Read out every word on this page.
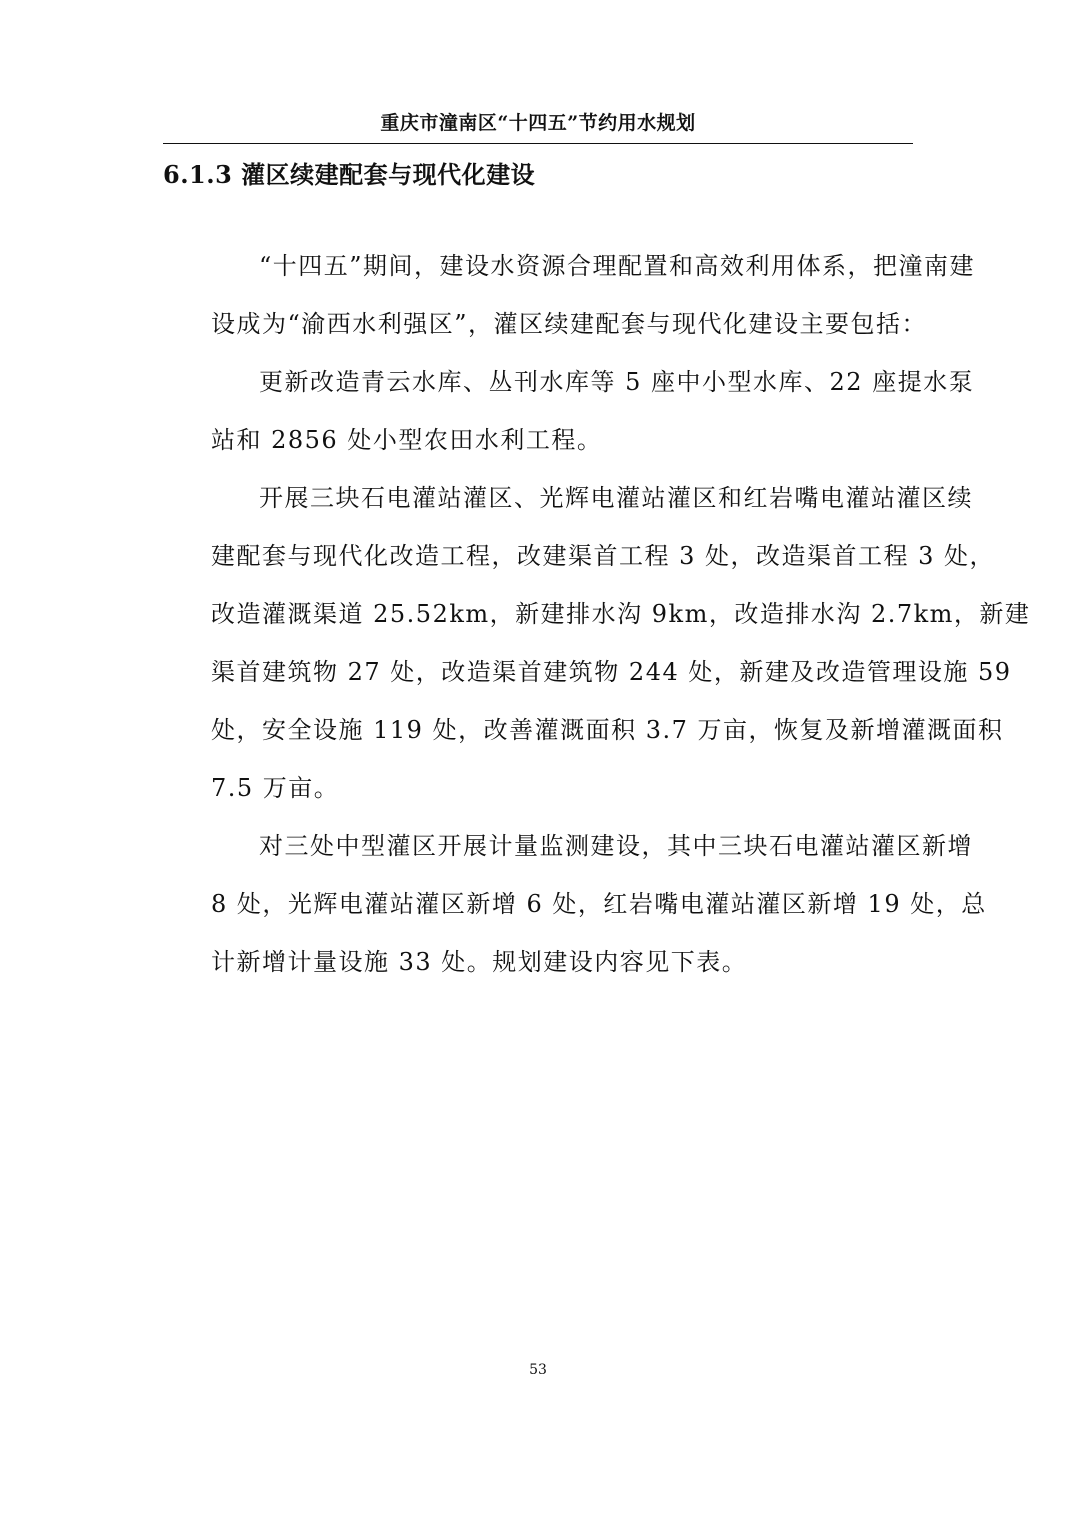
重庆市潼南区“十四五”节约用水规划
6.1.3 灌区续建配套与现代化建设
“十四五”期间，建设水资源合理配置和高效利用体系，把潼南建
设成为“渝西水利强区”，灌区续建配套与现代化建设主要包括：
更新改造青云水库、丛刊水库等 5 座中小型水库、22 座提水泵
站和 2856 处小型农田水利工程。
开展三块石电灌站灌区、光辉电灌站灌区和红岩嘴电灌站灌区续
建配套与现代化改造工程，改建渠首工程 3 处，改造渠首工程 3 处，
改造灌溉渠道 25.52km，新建排水沟 9km，改造排水沟 2.7km，新建
渠首建筑物 27 处，改造渠首建筑物 244 处，新建及改造管理设施 59
处，安全设施 119 处，改善灌溉面积 3.7 万亩，恢复及新增灌溉面积
7.5 万亩。
对三处中型灌区开展计量监测建设，其中三块石电灌站灌区新增
8 处，光辉电灌站灌区新增 6 处，红岩嘴电灌站灌区新增 19 处，总
计新增计量设施 33 处。规划建设内容见下表。
53
